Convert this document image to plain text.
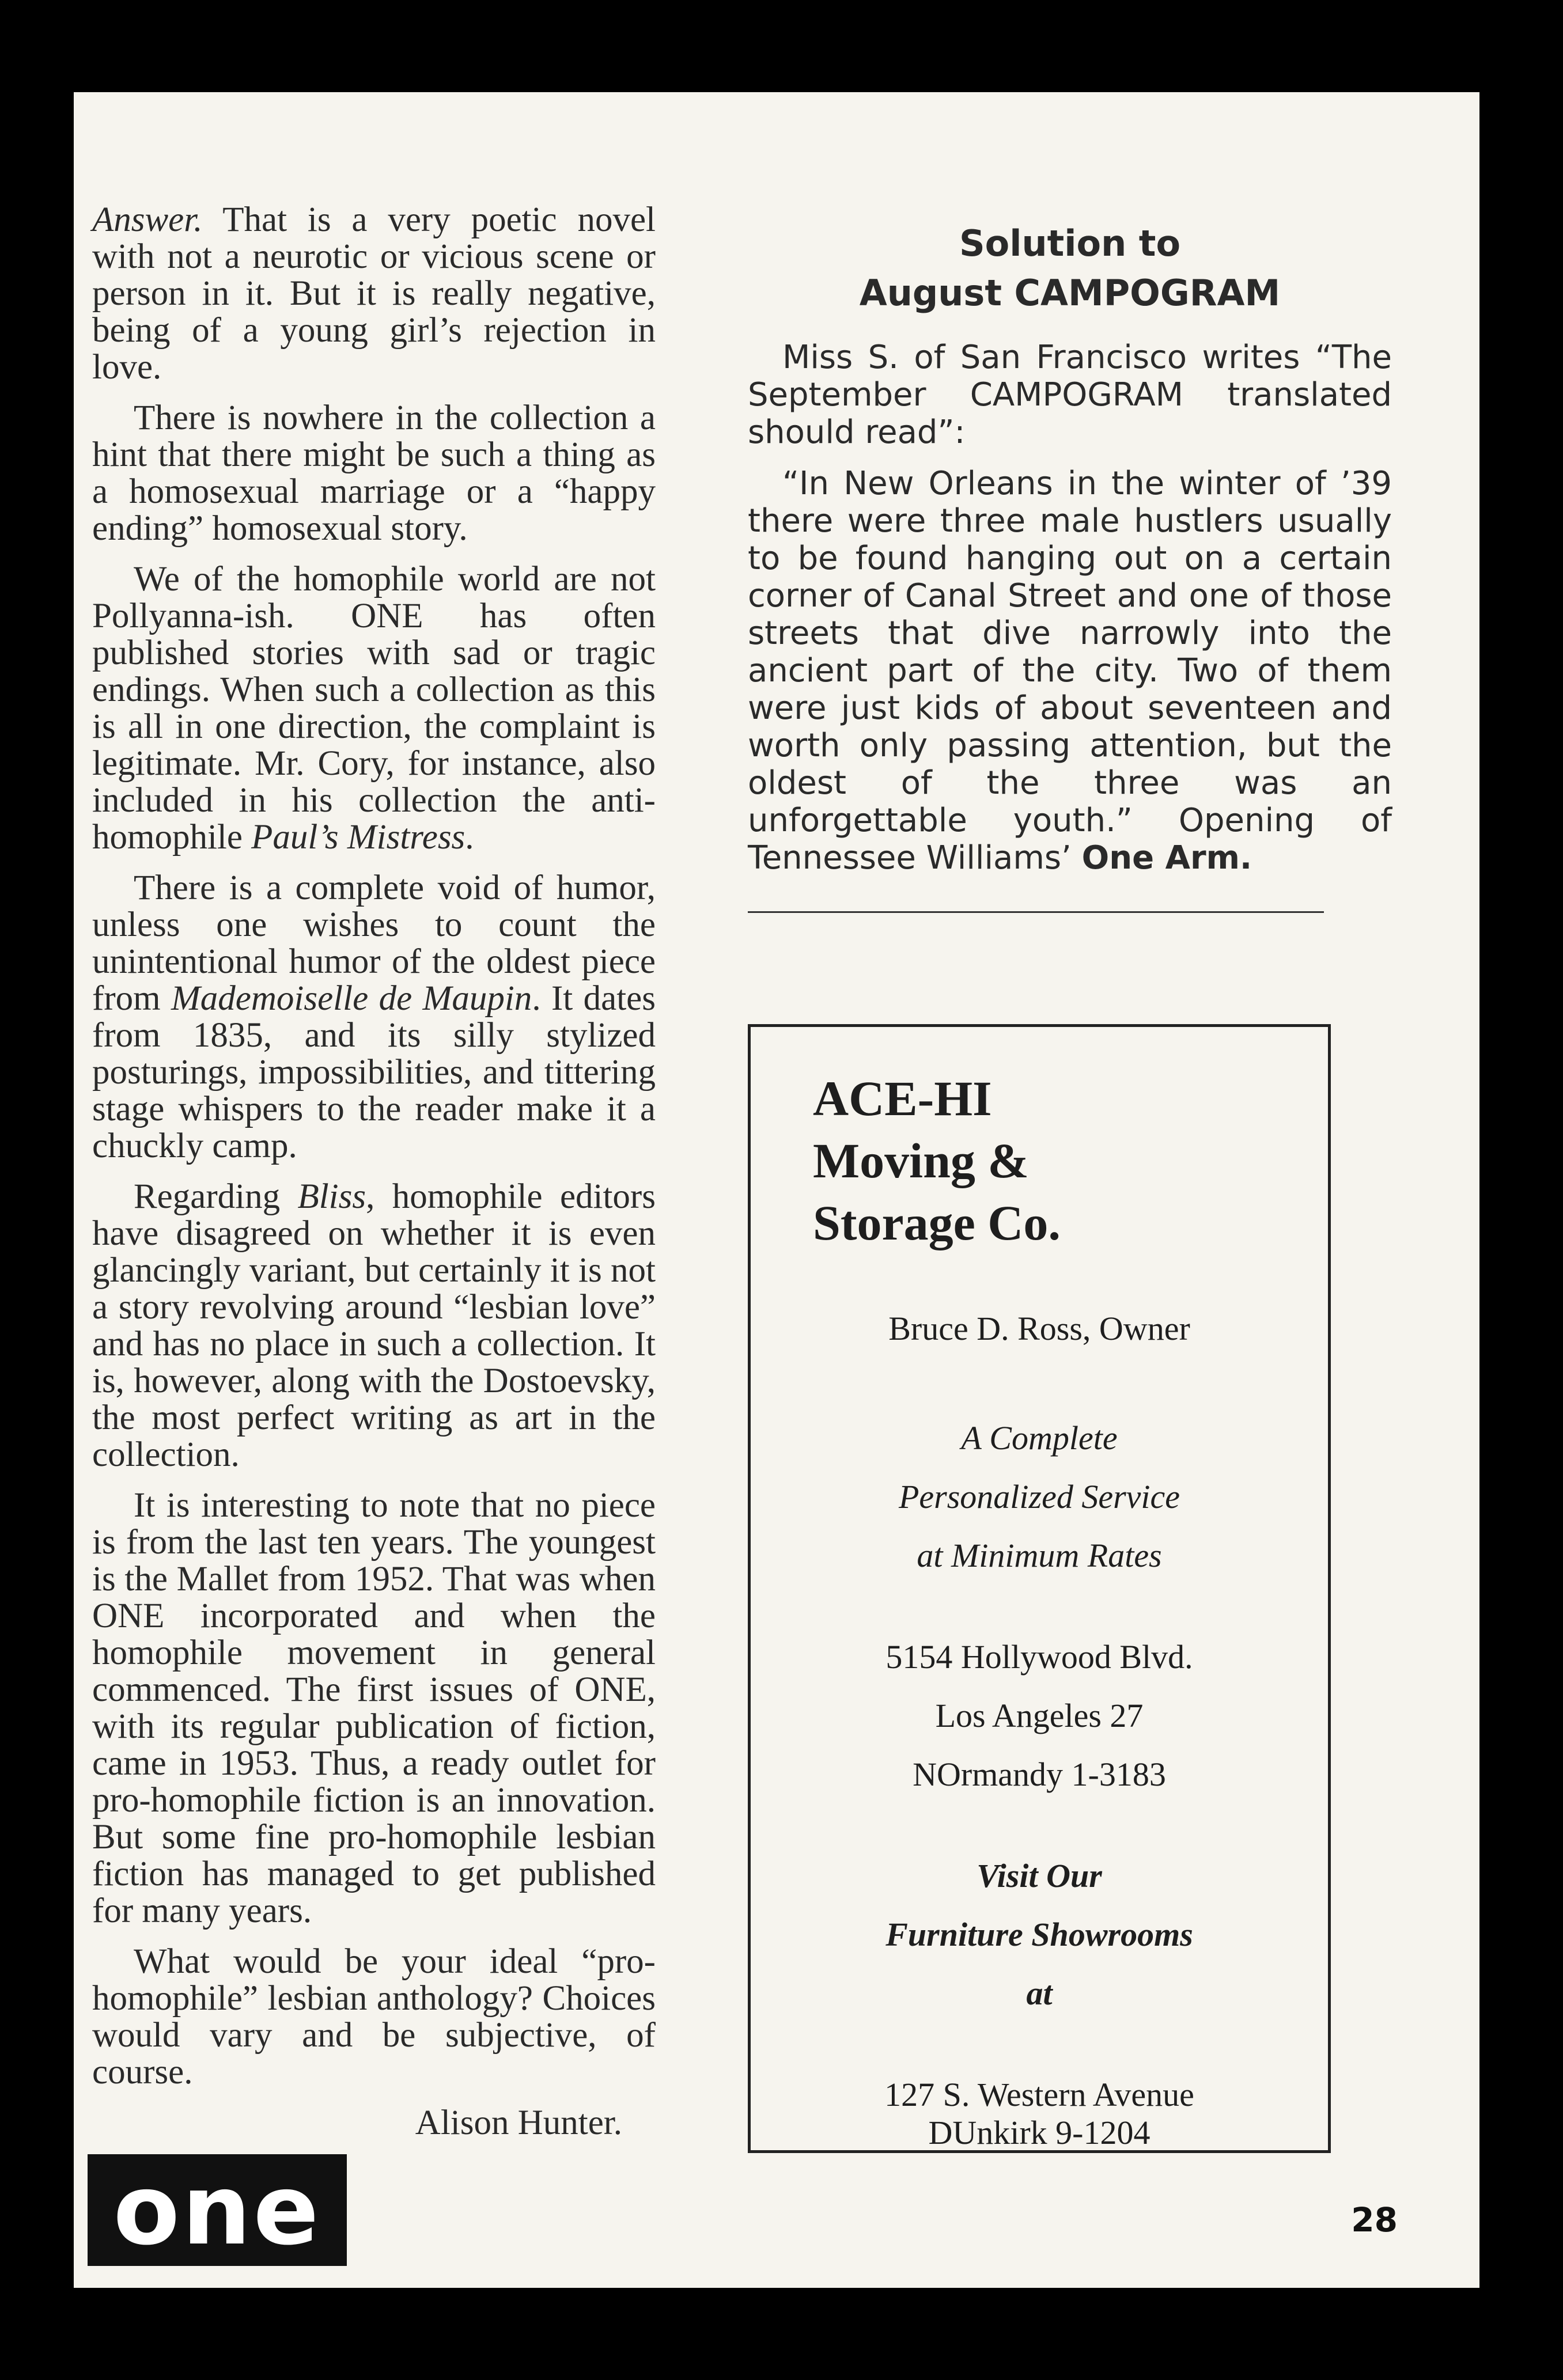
Answer. That is a very poetic novel with not a neurotic or vicious scene or person in it. But it is really negative, being of a young girl’s rejection in love.

There is nowhere in the collection a hint that there might be such a thing as a homosexual marriage or a “happy ending” homosexual story.

We of the homophile world are not Pollyanna-ish. ONE has often published stories with sad or tragic endings. When such a collection as this is all in one direction, the complaint is legitimate. Mr. Cory, for instance, also included in his collection the anti-homophile Paul’s Mistress.

There is a complete void of humor, unless one wishes to count the unintentional humor of the oldest piece from Mademoiselle de Maupin. It dates from 1835, and its silly stylized posturings, impossibilities, and tittering stage whispers to the reader make it a chuckly camp.

Regarding Bliss, homophile editors have disagreed on whether it is even glancingly variant, but certainly it is not a story revolving around “lesbian love” and has no place in such a collection. It is, however, along with the Dostoevsky, the most perfect writing as art in the collection.

It is interesting to note that no piece is from the last ten years. The youngest is the Mallet from 1952. That was when ONE incorporated and when the homophile movement in general commenced. The first issues of ONE, with its regular publication of fiction, came in 1953. Thus, a ready outlet for pro-homophile fiction is an innovation. But some fine pro-homophile lesbian fiction has managed to get published for many years.

What would be your ideal “pro-homophile” lesbian anthology? Choices would vary and be subjective, of course.

Alison Hunter.
one
Solution to
August CAMPOGRAM

Miss S. of San Francisco writes “The September CAMPOGRAM translated should read”:

“In New Orleans in the winter of ’39 there were three male hustlers usually to be found hanging out on a certain corner of Canal Street and one of those streets that dive narrowly into the ancient part of the city. Two of them were just kids of about seventeen and worth only passing attention, but the oldest of the three was an unforgettable youth.” Opening of Tennessee Williams’ One Arm.

ACE-HI
Moving &
Storage Co.
Bruce D. Ross, Owner
A Complete
Personalized Service
at Minimum Rates
5154 Hollywood Blvd.
Los Angeles 27
NOrmandy 1-3183
Visit Our
Furniture Showrooms
at
127 S. Western Avenue
DUnkirk 9-1204
28
